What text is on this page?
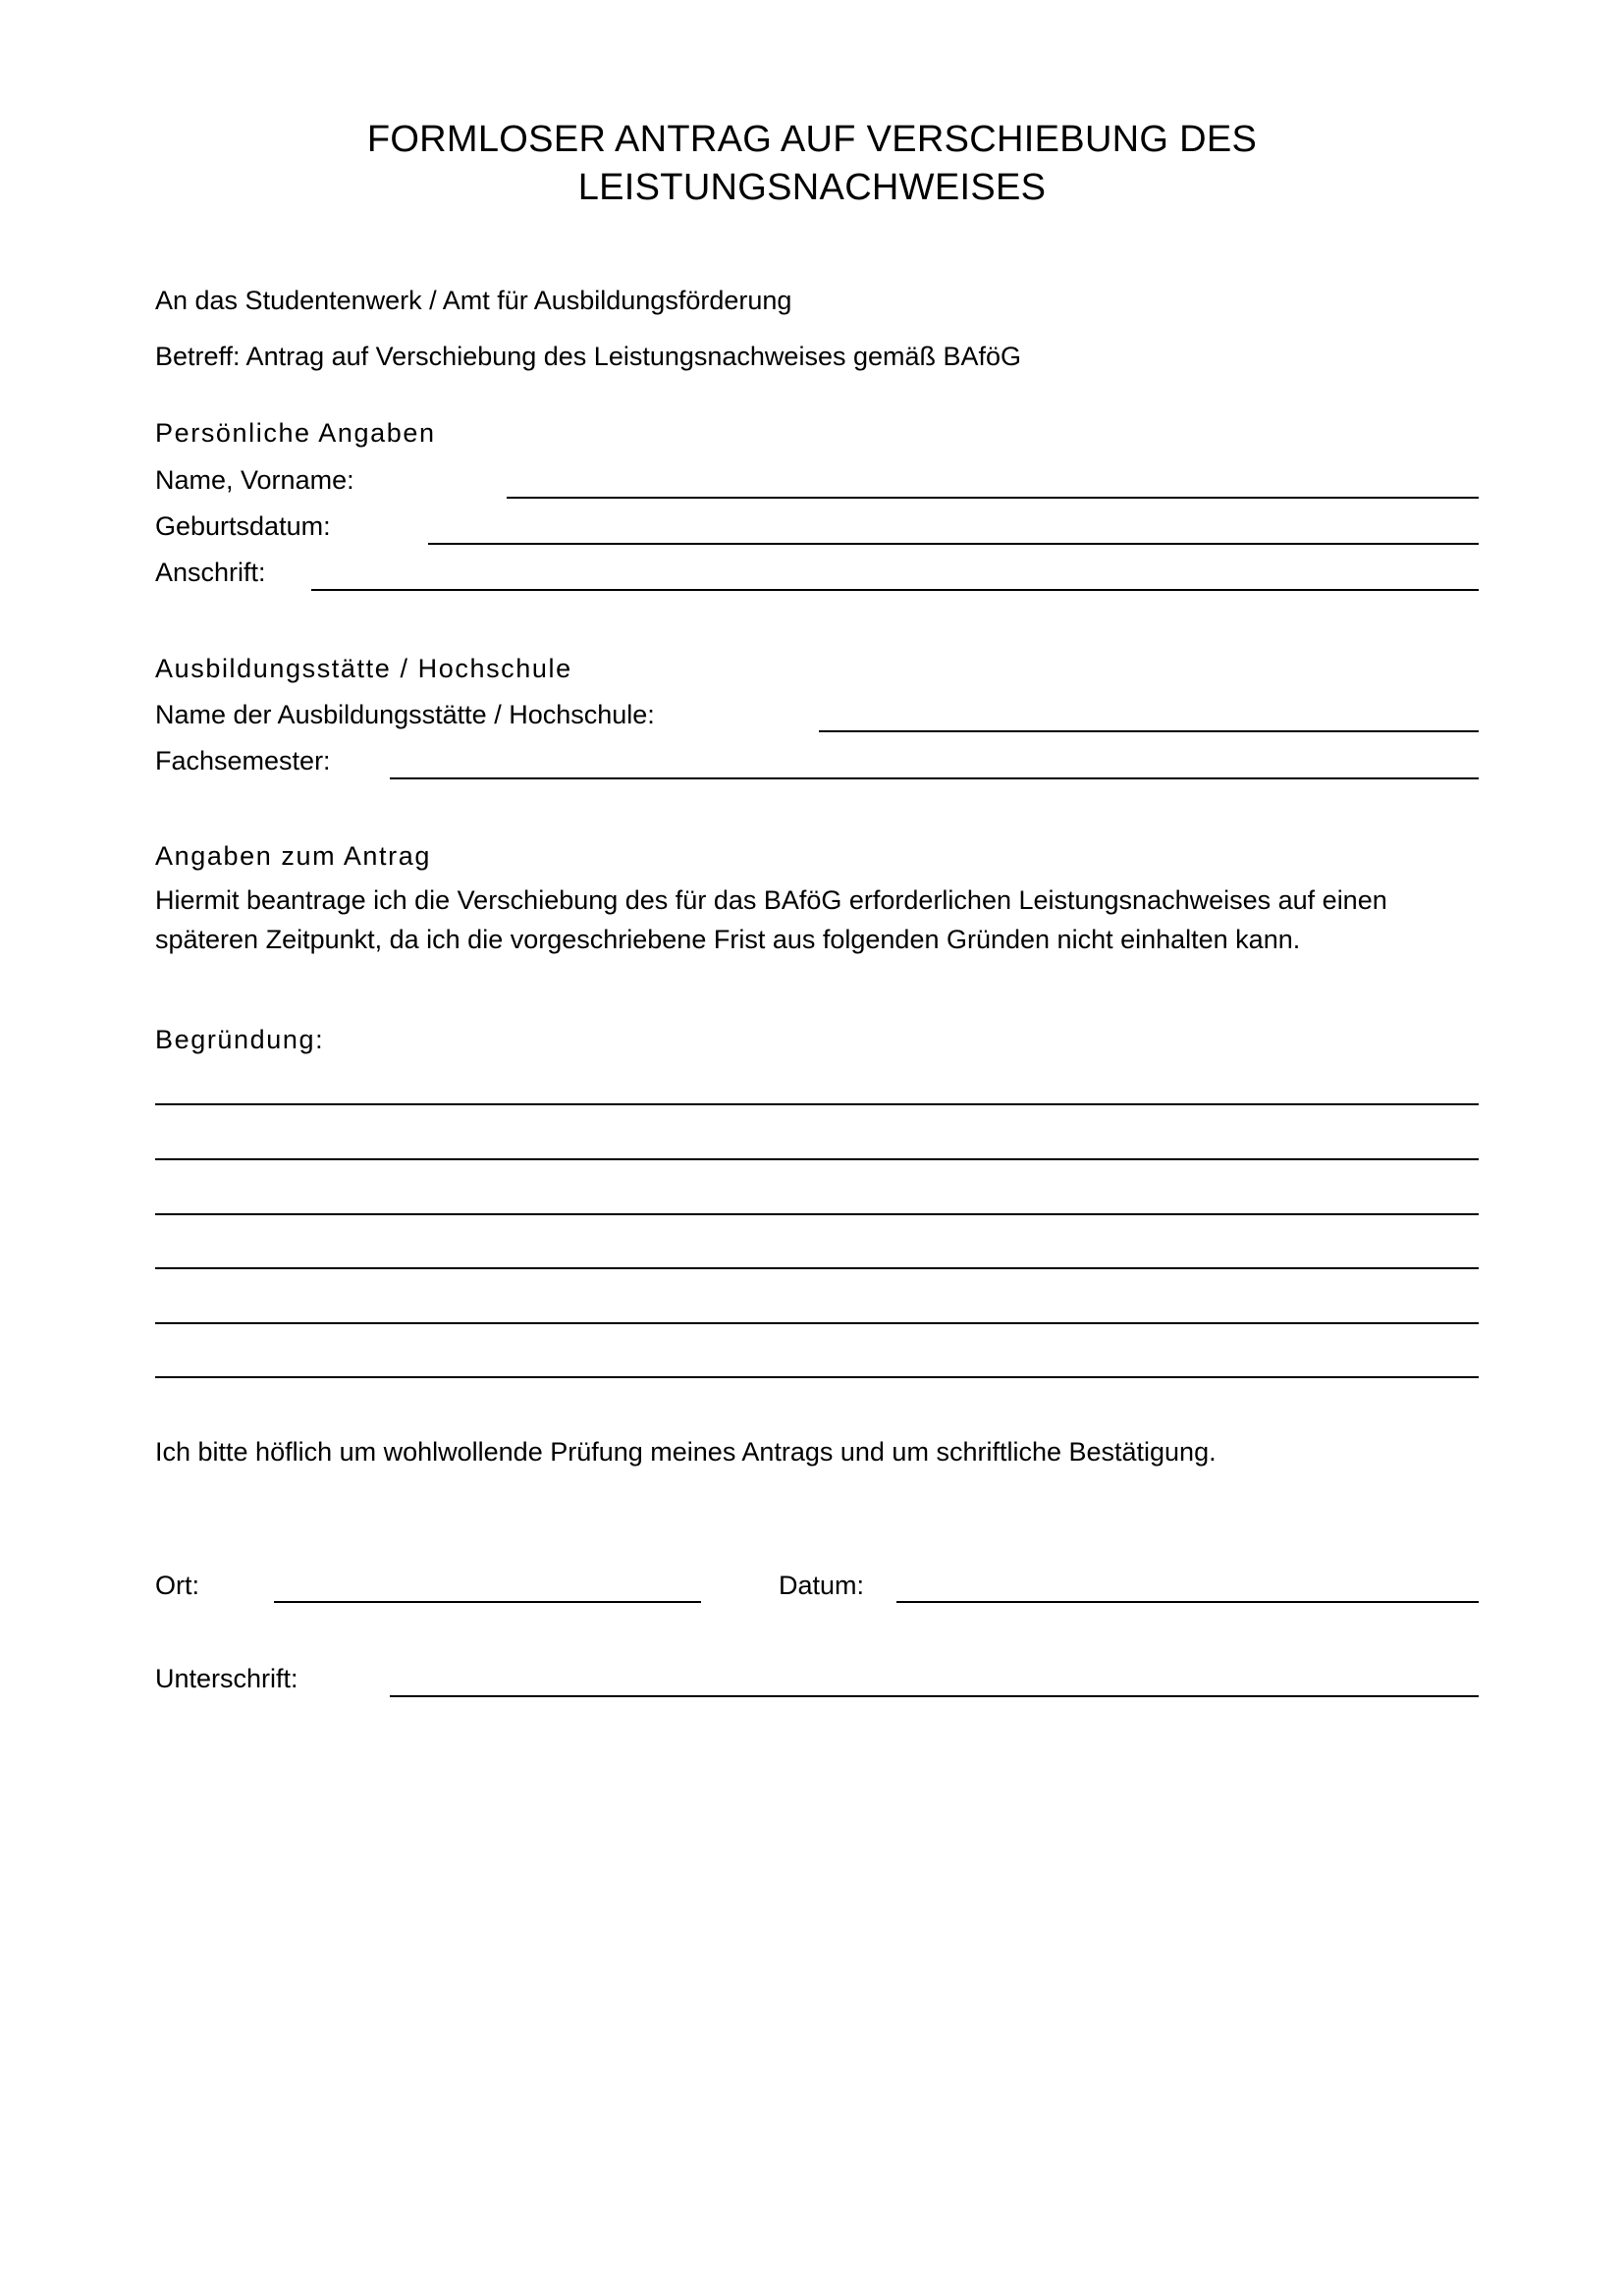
FORMLOSER ANTRAG AUF VERSCHIEBUNG DES
LEISTUNGSNACHWEISES
An das Studentenwerk / Amt für Ausbildungsförderung
Betreff: Antrag auf Verschiebung des Leistungsnachweises gemäß BAföG
Persönliche Angaben
Name, Vorname:
Geburtsdatum:
Anschrift:
Ausbildungsstätte / Hochschule
Name der Ausbildungsstätte / Hochschule:
Fachsemester:
Angaben zum Antrag
Hiermit beantrage ich die Verschiebung des für das BAföG erforderlichen Leistungsnachweises auf einen späteren Zeitpunkt, da ich die vorgeschriebene Frist aus folgenden Gründen nicht einhalten kann.
Begründung:
Ich bitte höflich um wohlwollende Prüfung meines Antrags und um schriftliche Bestätigung.
Ort:	Datum:
Unterschrift:
